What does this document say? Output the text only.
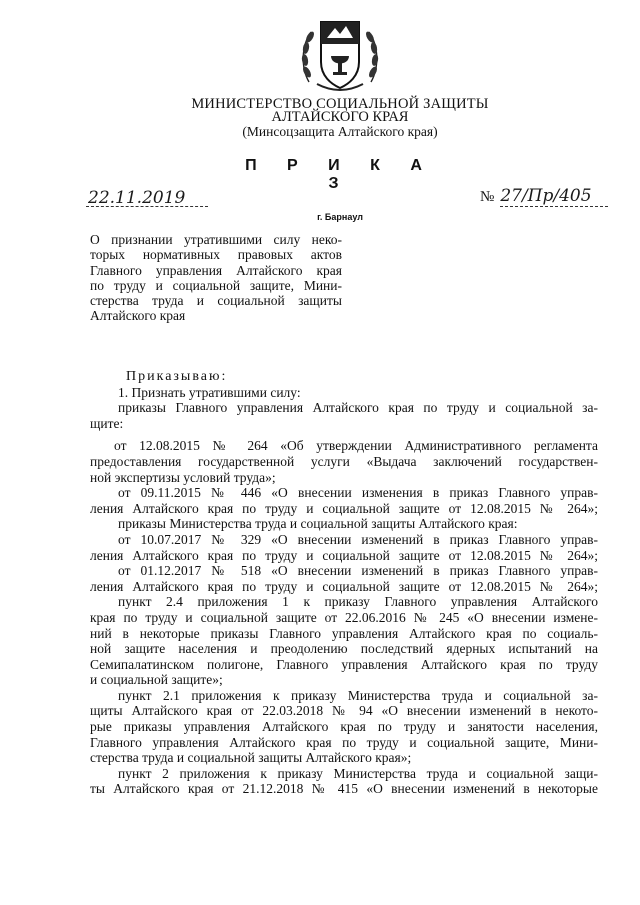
МИНИСТЕРСТВО СОЦИАЛЬНОЙ ЗАЩИТЫ
АЛТАЙСКОГО КРАЯ
(Минсоцзащита Алтайского края)
П Р И К А З
22.11.2019	№ 27/Пр/405
г. Барнаул
О признании утратившими силу неко-
торых нормативных правовых актов
Главного управления Алтайского края
по труду и социальной защите, Мини-
стерства труда и социальной защиты
Алтайского края
Приказываю:
1. Признать утратившими силу:
приказы Главного управления Алтайского края по труду и социальной за-
щите:
от 12.08.2015 № 264 «Об утверждении Административного регламента
предоставления государственной услуги «Выдача заключений государствен-
ной экспертизы условий труда»;
от 09.11.2015 № 446 «О внесении изменения в приказ Главного управ-
ления Алтайского края по труду и социальной защите от 12.08.2015 № 264»;
приказы Министерства труда и социальной защиты Алтайского края:
от 10.07.2017 № 329 «О внесении изменений в приказ Главного управ-
ления Алтайского края по труду и социальной защите от 12.08.2015 № 264»;
от 01.12.2017 № 518 «О внесении изменений в приказ Главного управ-
ления Алтайского края по труду и социальной защите от 12.08.2015 № 264»;
пункт 2.4 приложения 1 к приказу Главного управления Алтайского
края по труду и социальной защите от 22.06.2016 № 245 «О внесении измене-
ний в некоторые приказы Главного управления Алтайского края по социаль-
ной защите населения и преодолению последствий ядерных испытаний на
Семипалатинском полигоне, Главного управления Алтайского края по труду
и социальной защите»;
пункт 2.1 приложения к приказу Министерства труда и социальной за-
щиты Алтайского края от 22.03.2018 № 94 «О внесении изменений в некото-
рые приказы управления Алтайского края по труду и занятости населения,
Главного управления Алтайского края по труду и социальной защите, Мини-
стерства труда и социальной защиты Алтайского края»;
пункт 2 приложения к приказу Министерства труда и социальной защи-
ты Алтайского края от 21.12.2018 № 415 «О внесении изменений в некоторые
